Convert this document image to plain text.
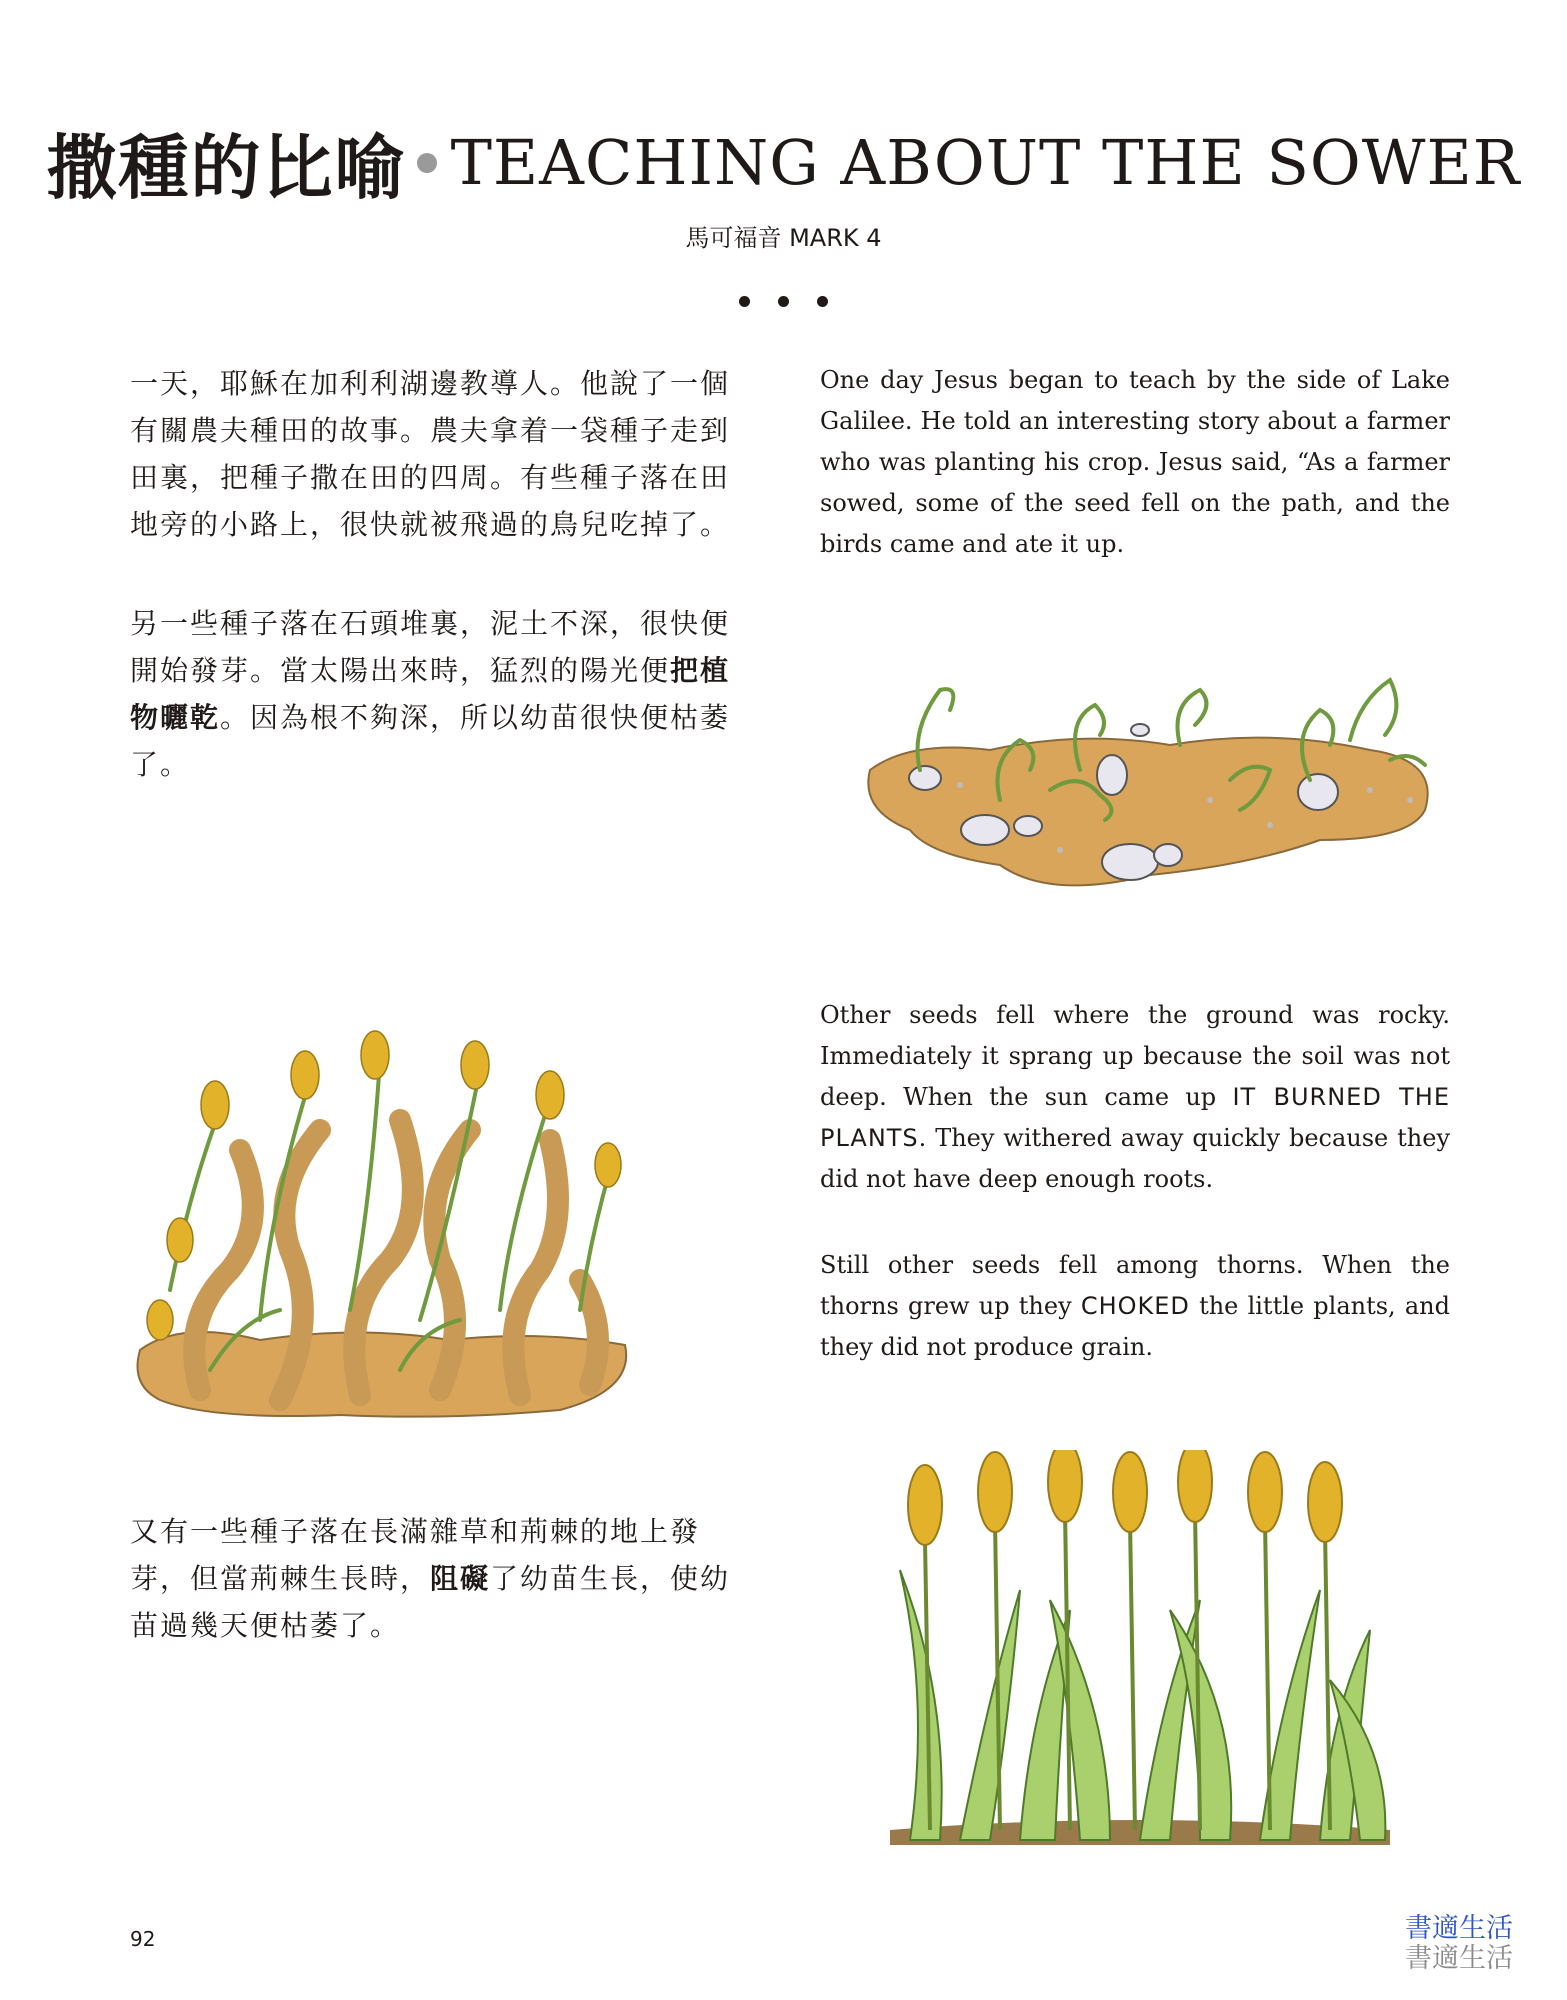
撒種的比喻 TEACHING ABOUT THE SOWER
馬可福音 MARK 4

一天，耶穌在加利利湖邊教導人。他說了一個有關農夫種田的故事。農夫拿着一袋種子走到田裏，把種子撒在田的四周。有些種子落在田地旁的小路上，很快就被飛過的鳥兒吃掉了。

另一些種子落在石頭堆裏，泥土不深，很快便開始發芽。當太陽出來時，猛烈的陽光便把植物曬乾。因為根不夠深，所以幼苗很快便枯萎了。

又有一些種子落在長滿雜草和荊棘的地上發芽，但當荊棘生長時，阻礙了幼苗生長，使幼苗過幾天便枯萎了。

One day Jesus began to teach by the side of Lake Galilee. He told an interesting story about a farmer who was planting his crop. Jesus said, “As a farmer sowed, some of the seed fell on the path, and the birds came and ate it up.

Other seeds fell where the ground was rocky. Immediately it sprang up because the soil was not deep. When the sun came up IT BURNED THE PLANTS. They withered away quickly because they did not have deep enough roots.

Still other seeds fell among thorns. When the thorns grew up they CHOKED the little plants, and they did not produce grain.

92	書適生活
書適生活
